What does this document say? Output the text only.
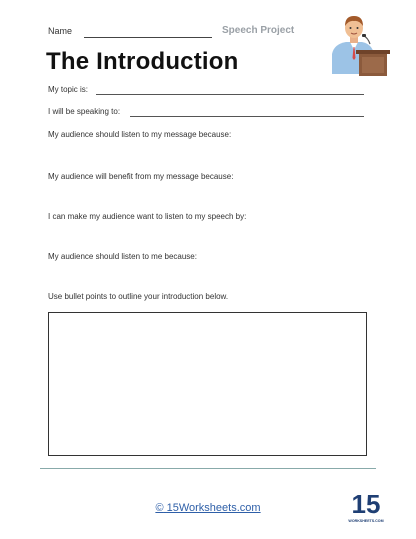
Name	Speech Project
The Introduction
My topic is:
I will be speaking to:
My audience should listen to my message because:
My audience will benefit from my message because:
I can make my audience want to listen to my speech by:
My audience should listen to me because:
Use bullet points to outline your introduction below.
© 15Worksheets.com	15
WORKSHEETS.COM
